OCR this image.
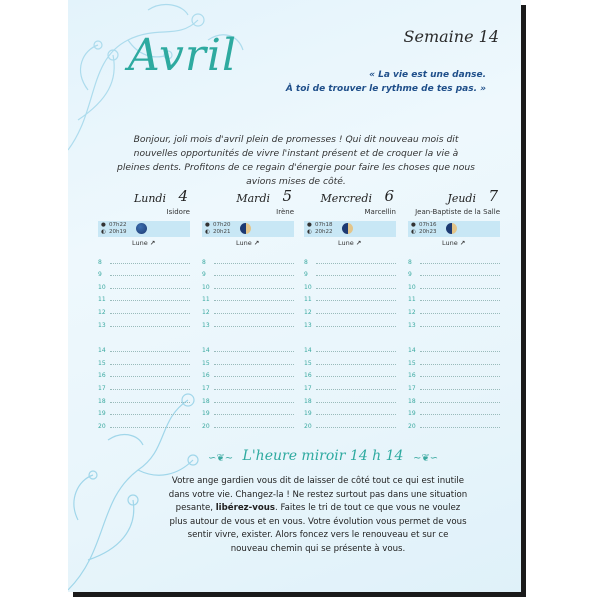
Avril	Semaine 14
« La vie est une danse.
À toi de trouver le rythme de tes pas. »
Bonjour, joli mois d'avril plein de promesses ! Qui dit nouveau mois dit nouvelles opportunités de vivre l'instant présent et de croquer la vie à pleines dents. Profitons de ce regain d'énergie pour faire les choses que nous avions mises de côté.
Lundi 4
Isidore
●
◐
07h22
20h19
Lune ↗
8
9
10
11
12
13
14
15
16
17
18
19
20
Mardi 5
Irène
●
◐
07h20
20h21
Lune ↗
8
9
10
11
12
13
14
15
16
17
18
19
20
Mercredi 6
Marcellin
●
◐
07h18
20h22
Lune ↗
8
9
10
11
12
13
14
15
16
17
18
19
20
Jeudi 7
Jean-Baptiste de la Salle
●
◐
07h16
20h23
Lune ↗
8
9
10
11
12
13
14
15
16
17
18
19
20
∽❦∼ L'heure miroir 14 h 14 ∼❦∽
Votre ange gardien vous dit de laisser de côté tout ce qui est inutile dans votre vie. Changez-la ! Ne restez surtout pas dans une situation pesante, libérez-vous. Faites le tri de tout ce que vous ne voulez plus autour de vous et en vous. Votre évolution vous permet de vous sentir vivre, exister. Alors foncez vers le renouveau et sur ce nouveau chemin qui se présente à vous.
